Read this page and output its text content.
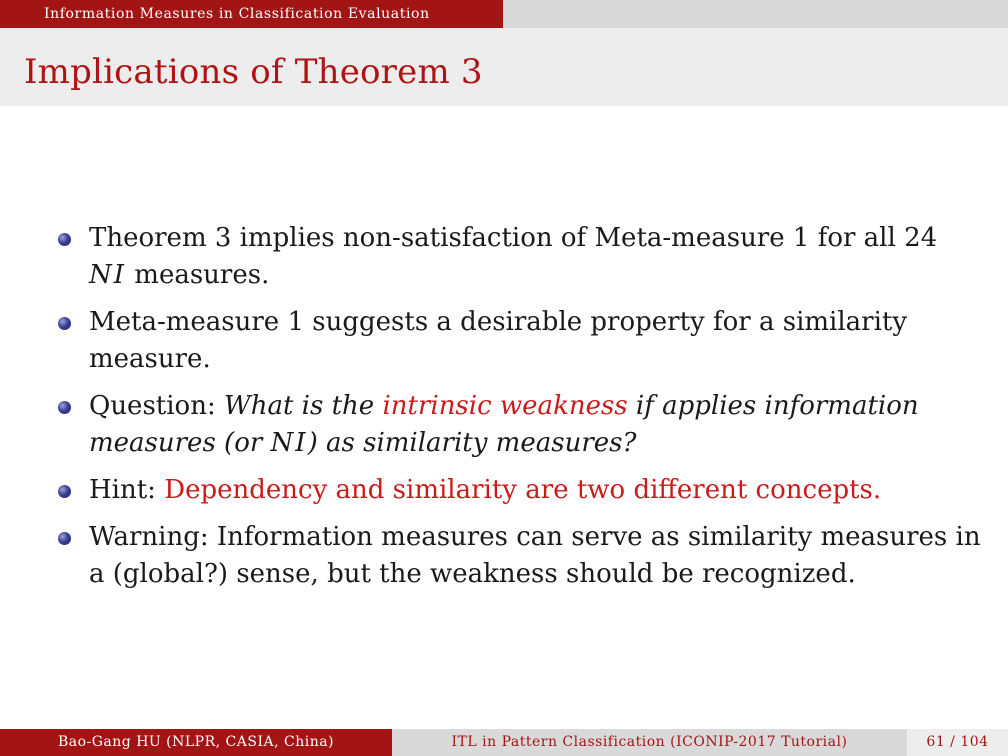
Information Measures in Classification Evaluation
Implications of Theorem 3
Theorem 3 implies non-satisfaction of Meta-measure 1 for all 24
NI measures.
Meta-measure 1 suggests a desirable property for a similarity
measure.
Question: What is the intrinsic weakness if applies information
measures (or NI) as similarity measures?
Hint: Dependency and similarity are two different concepts.
Warning: Information measures can serve as similarity measures in
a (global?) sense, but the weakness should be recognized.
Bao-Gang HU (NLPR, CASIA, China)	ITL in Pattern Classification (ICONIP-2017 Tutorial)	61 / 104
